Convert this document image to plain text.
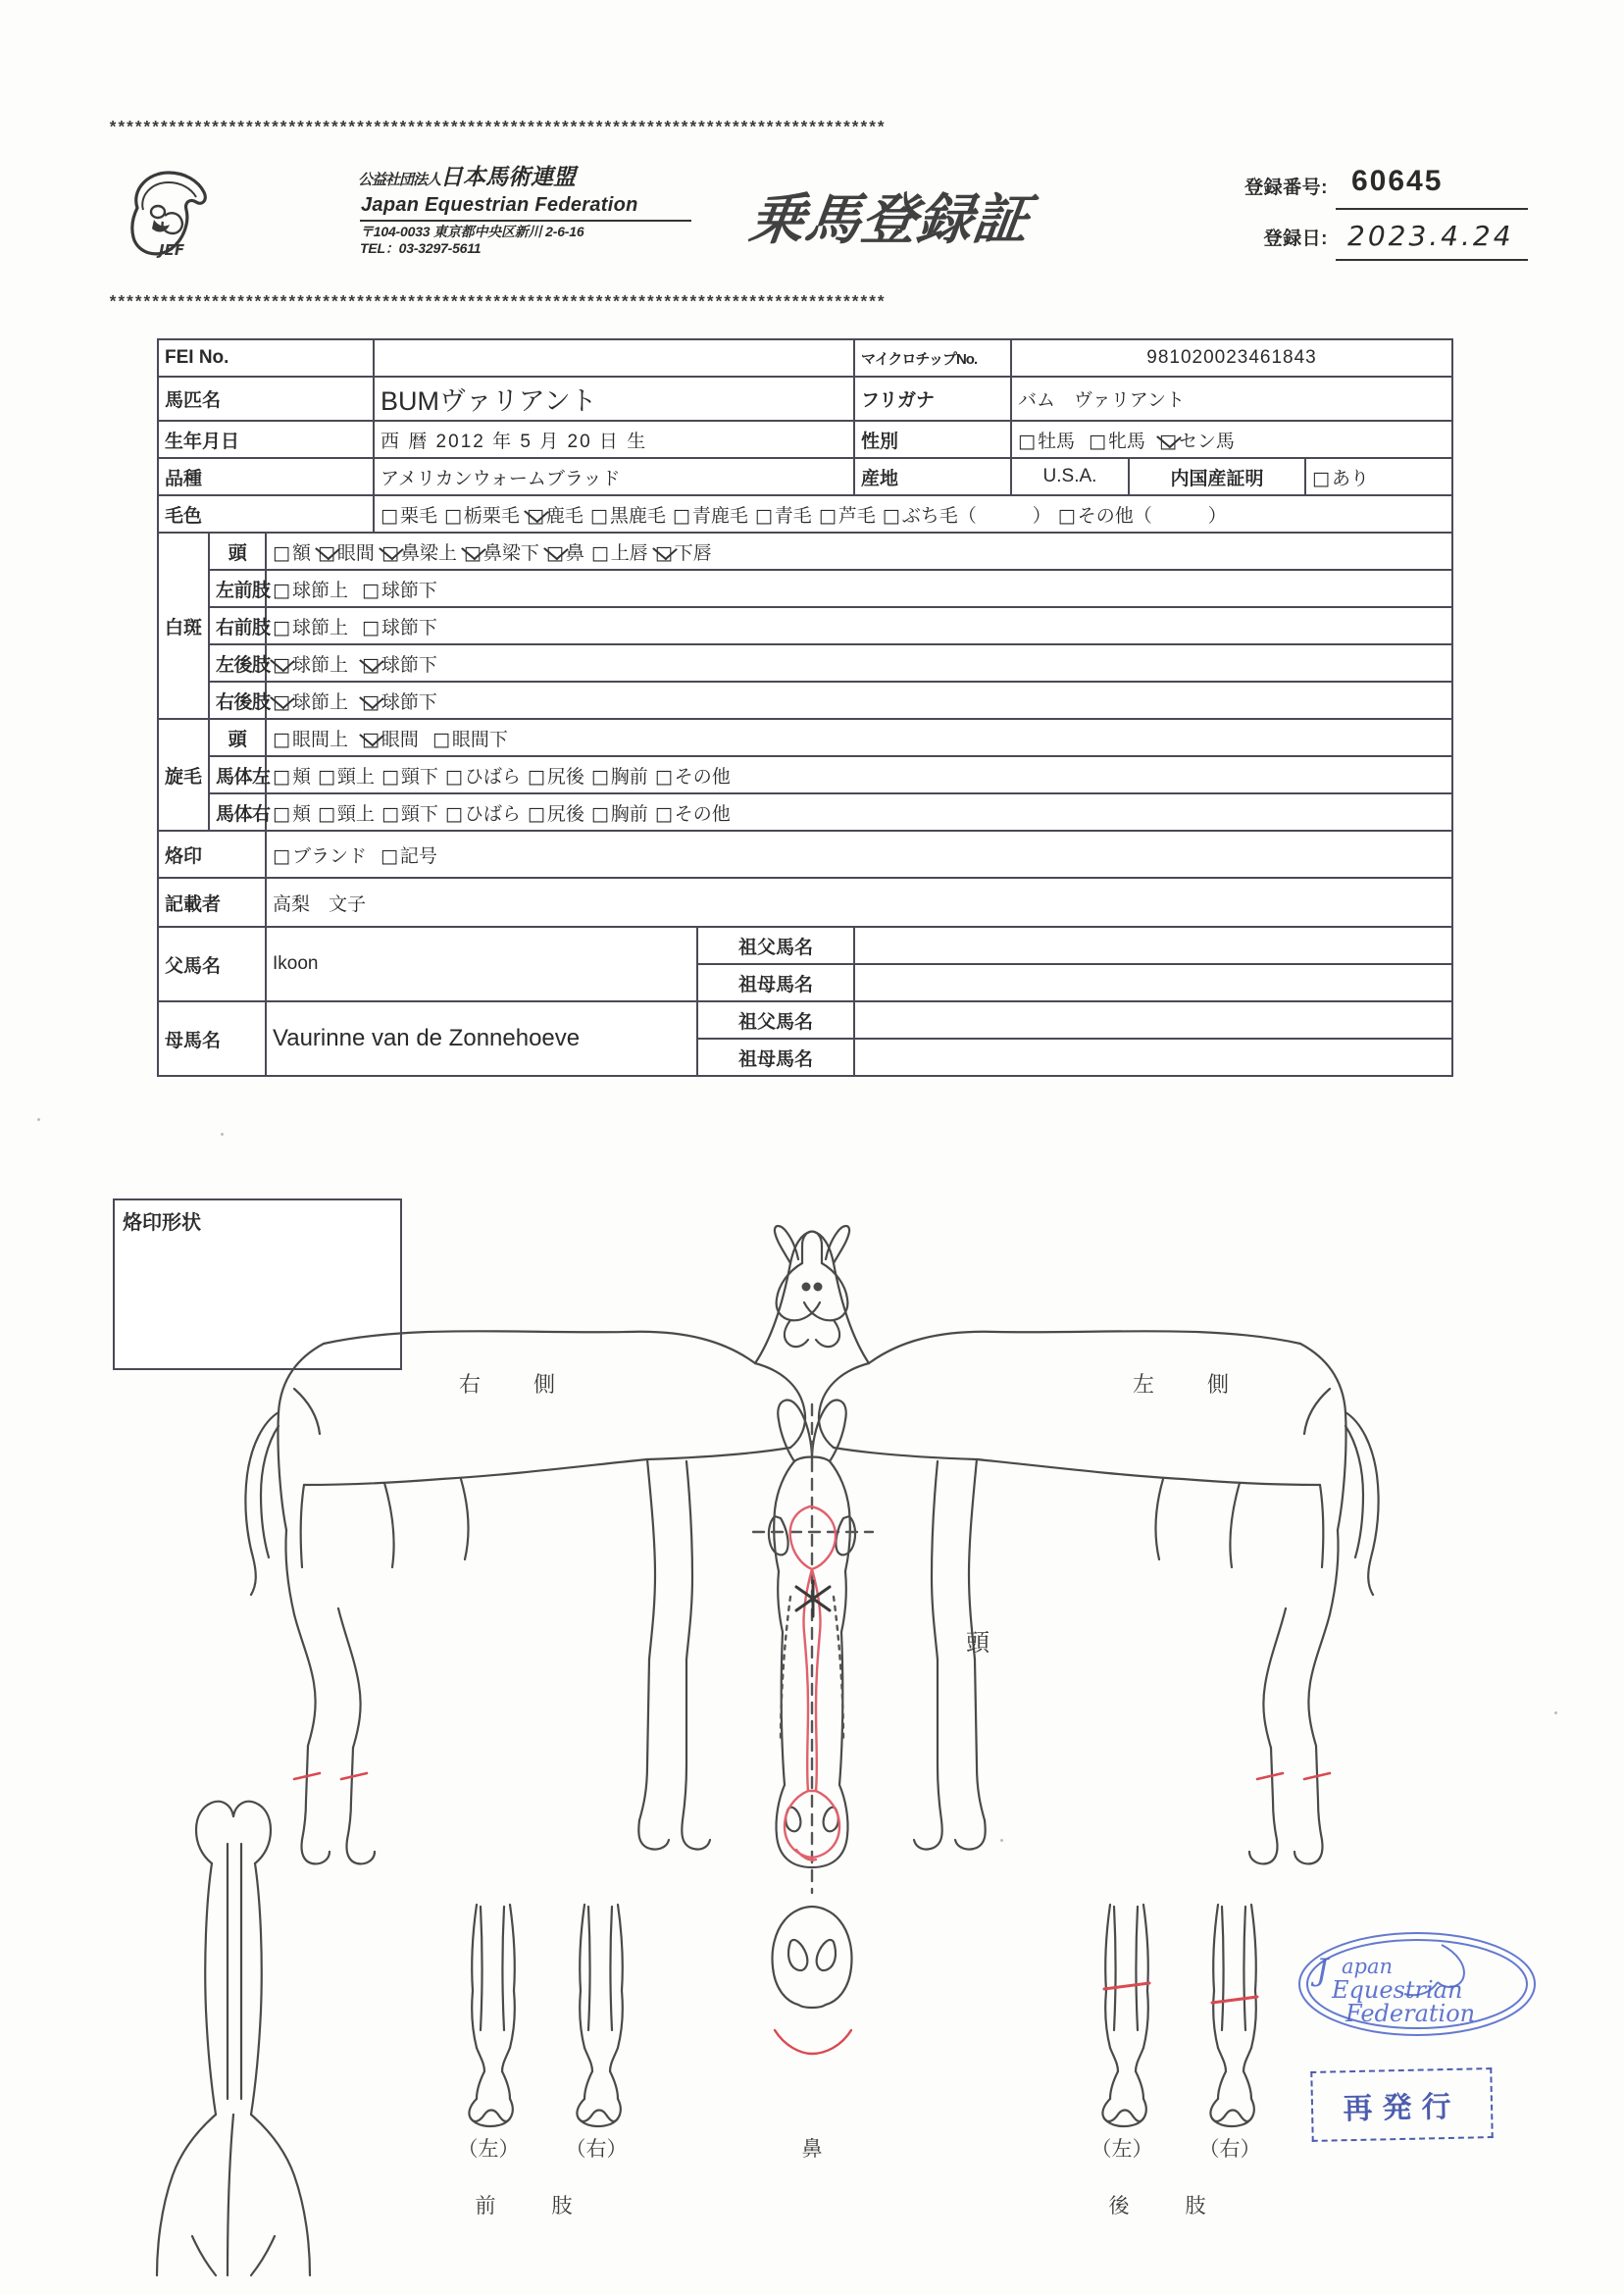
*******************************************************************************************
*******************************************************************************************
JEF
公益社団法人日本馬術連盟
Japan Equestrian Federation
〒104-0033 東京都中央区新川 2-6-16
TEL：03-3297-5611	乗馬登録証
登録番号: 60645
登録日: 2023.4.24
FEI No.					マイクロチップNo.	981020023461843		
馬匹名			BUMヴァリアント		フリガナ	バム　ヴァリアント		
生年月日			西 暦 2012 年 5 月 20 日 生		性別	□ 牡馬 □ 牝馬 □ セン馬		
品種			アメリカンウォームブラッド		産地	U.S.A.	内国産証明	□ あり
毛色			□ 栗毛 □ 栃栗毛 □ 鹿毛 □ 黒鹿毛 □ 青鹿毛 □ 青毛 □ 芦毛 □ ぶち毛（　　　） □ その他（　　　）					
白斑	頭	□ 額 □ 眼間 □ 鼻梁上 □ 鼻梁下 □ 鼻 □ 上唇 □ 下唇						
	左前肢	□ 球節上 □ 球節下						
	右前肢	□ 球節上 □ 球節下						
	左後肢	□ 球節上 □ 球節下						
	右後肢	□ 球節上 □ 球節下						
旋毛	頭	□ 眼間上 □ 眼間 □ 眼間下						
	馬体左	□ 頬 □ 頸上 □ 頸下 □ ひばら □ 尻後 □ 胸前 □ その他						
	馬体右	□ 頬 □ 頸上 □ 頸下 □ ひばら □ 尻後 □ 胸前 □ その他						
烙印		□ ブランド □ 記号						
記載者		高梨　文子						
父馬名		Ikoon		祖父馬名				
				祖母馬名				
母馬名		Vaurinne van de Zonnehoeve		祖父馬名				
				祖母馬名				
烙印形状
右　側	左　側
頭
（左） （右）
前　肢
鼻	（左） （右）
後　肢
J apan
Equestrian
Federation
再発行
